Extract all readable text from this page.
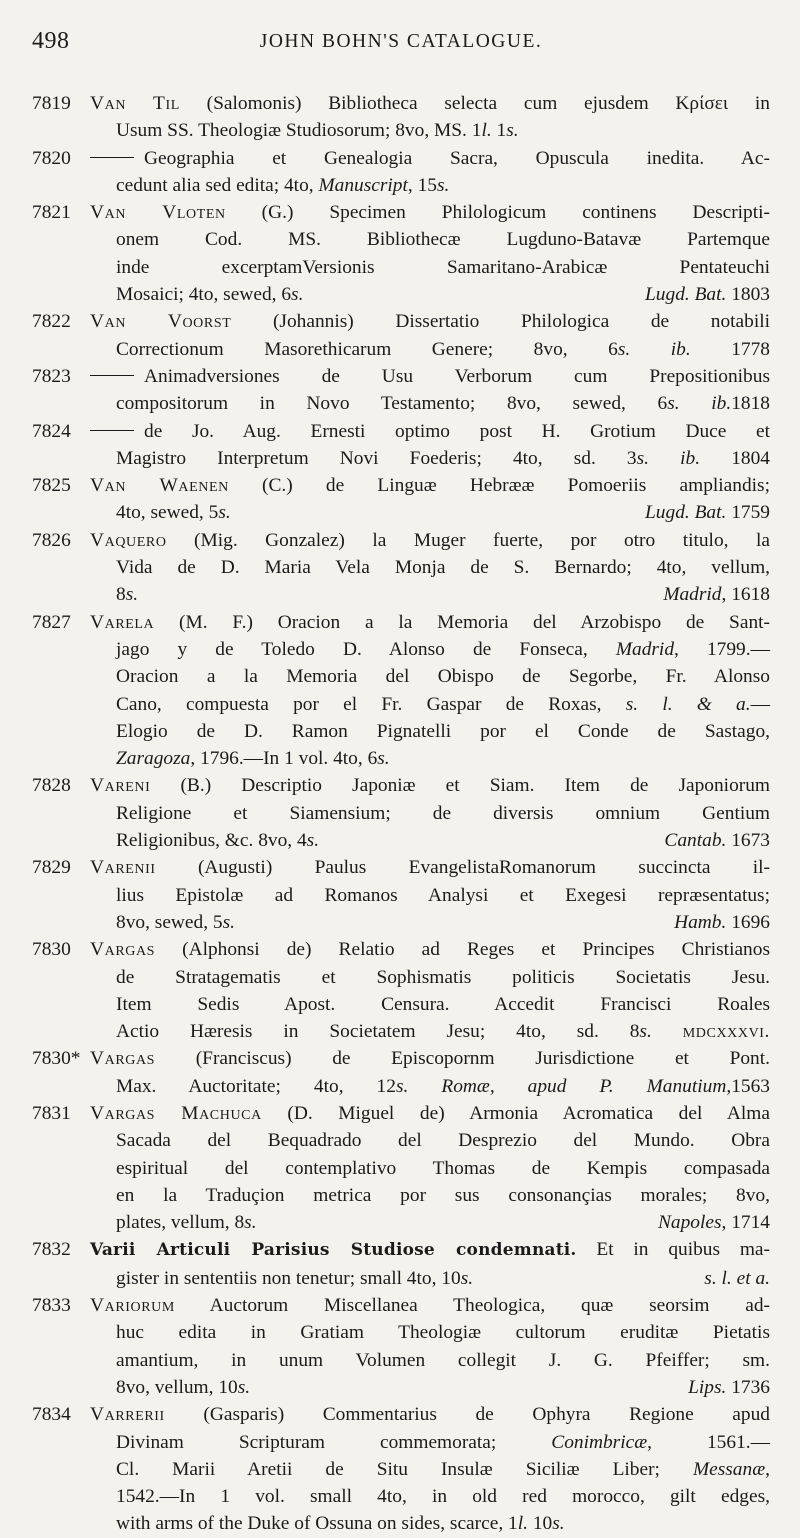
498	JOHN BOHN'S CATALOGUE.
7819 Van Til (Salomonis) Bibliotheca selecta cum ejusdem Κρίσει in
Usum SS. Theologiæ Studiosorum; 8vo, MS. 1l. 1s.
7820	Geographia et Genealogia Sacra, Opuscula inedita. Ac-
cedunt alia sed edita; 4to, Manuscript, 15s.
7821 Van Vloten (G.) Specimen Philologicum continens Descripti-
onem Cod. MS. Bibliothecæ Lugduno-Batavæ Partemque
inde excerptamVersionis Samaritano-Arabicæ Pentateuchi
Mosaici; 4to, sewed, 6s.	Lugd. Bat. 1803
7822 Van Voorst (Johannis) Dissertatio Philologica de notabili
Correctionum Masorethicarum Genere; 8vo, 6s. ib. 1778
7823	Animadversiones de Usu Verborum cum Prepositionibus
compositorum in Novo Testamento; 8vo, sewed, 6s. ib.1818
7824	de Jo. Aug. Ernesti optimo post H. Grotium Duce et
Magistro Interpretum Novi Foederis; 4to, sd. 3s. ib. 1804
7825 Van Waenen (C.) de Linguæ Hebrææ Pomoeriis ampliandis;
4to, sewed, 5s.	Lugd. Bat. 1759
7826 Vaquero (Mig. Gonzalez) la Muger fuerte, por otro titulo, la
Vida de D. Maria Vela Monja de S. Bernardo; 4to, vellum,
8s.	Madrid, 1618
7827 Varela (M. F.) Oracion a la Memoria del Arzobispo de Sant-
jago y de Toledo D. Alonso de Fonseca, Madrid, 1799.—
Oracion a la Memoria del Obispo de Segorbe, Fr. Alonso
Cano, compuesta por el Fr. Gaspar de Roxas, s. l. & a.—
Elogio de D. Ramon Pignatelli por el Conde de Sastago,
Zaragoza, 1796.—In 1 vol. 4to, 6s.
7828 Vareni (B.) Descriptio Japoniæ et Siam. Item de Japoniorum
Religione et Siamensium; de diversis omnium Gentium
Religionibus, &c. 8vo, 4s.	Cantab. 1673
7829 Varenii (Augusti) Paulus EvangelistaRomanorum succincta il-
lius Epistolæ ad Romanos Analysi et Exegesi repræsentatus;
8vo, sewed, 5s.	Hamb. 1696
7830 Vargas (Alphonsi de) Relatio ad Reges et Principes Christianos
de Stratagematis et Sophismatis politicis Societatis Jesu.
Item Sedis Apost. Censura. Accedit Francisci Roales
Actio Hæresis in Societatem Jesu; 4to, sd. 8s. mdcxxxvi.
7830* Vargas (Franciscus) de Episcopornm Jurisdictione et Pont.
Max. Auctoritate; 4to, 12s. Romæ, apud P. Manutium,1563
7831 Vargas Machuca (D. Miguel de) Armonia Acromatica del Alma
Sacada del Bequadrado del Desprezio del Mundo. Obra
espiritual del contemplativo Thomas de Kempis compasada
en la Traduçion metrica por sus consonançias morales; 8vo,
plates, vellum, 8s.	Napoles, 1714
7832	Varii Articuli Parisius Studiose condemnati. Et in quibus ma-
gister in sententiis non tenetur; small 4to, 10s.	s. l. et a.
7833 Variorum Auctorum Miscellanea Theologica, quæ seorsim ad-
huc edita in Gratiam Theologiæ cultorum eruditæ Pietatis
amantium, in unum Volumen collegit J. G. Pfeiffer; sm.
8vo, vellum, 10s.	Lips. 1736
7834 Varrerii (Gasparis) Commentarius de Ophyra Regione apud
Divinam Scripturam commemorata; Conimbricæ, 1561.—
Cl. Marii Aretii de Situ Insulæ Siciliæ Liber; Messanæ,
1542.—In 1 vol. small 4to, in old red morocco, gilt edges,
with arms of the Duke of Ossuna on sides, scarce, 1l. 10s.
